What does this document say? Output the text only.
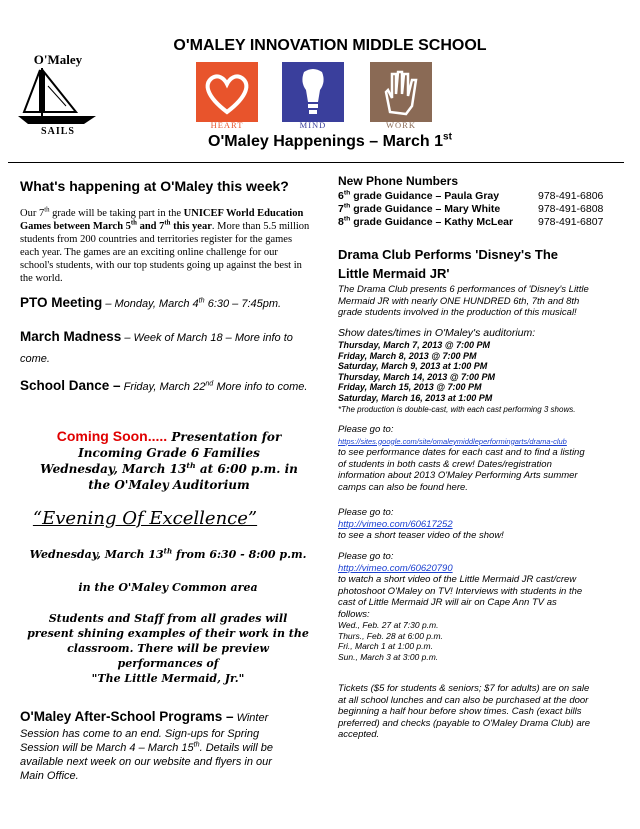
O'Maley
SAILS
O'MALEY INNOVATION MIDDLE SCHOOL
HEART	MIND	WORK
O'Maley Happenings – March 1st
What's happening at O'Maley this week?
Our 7th grade will be taking part in the UNICEF World Education Games between March 5th and 7th this year. More than 5.5 million students from 200 countries and territories register for the games each year. The games are an exciting online challenge for our school's students, with our top students going up against the best in the world.
PTO Meeting – Monday, March 4th 6:30 – 7:45pm.
March Madness – Week of March 18 – More info to come.
School Dance – Friday, March 22nd More info to come.
Coming Soon..... Presentation for
Incoming Grade 6 Families
Wednesday, March 13th at 6:00 p.m. in
the O'Maley Auditorium
“Evening Of Excellence”
Wednesday, March 13th from 6:30 - 8:00 p.m.
in the O'Maley Common area
Students and Staff from all grades will
present shining examples of their work in the
classroom. There will be preview
performances of
"The Little Mermaid, Jr."
O'Maley After-School Programs – Winter
Session has come to an end. Sign-ups for Spring
Session will be March 4 – March 15th. Details will be
available next week on our website and flyers in our
Main Office.
New Phone Numbers
6th grade Guidance – Paula Gray	978-491-6806
7th grade Guidance – Mary White	978-491-6808
8th grade Guidance – Kathy McLear 978-491-6807
Drama Club Performs 'Disney's The
Little Mermaid JR'
The Drama Club presents 6 performances of 'Disney's Little
Mermaid JR with nearly ONE HUNDRED 6th, 7th and 8th
grade students involved in the production of this musical!
Show dates/times in O'Maley's auditorium:
Thursday, March 7, 2013 @ 7:00 PM
Friday, March 8, 2013 @ 7:00 PM
Saturday, March 9, 2013 at 1:00 PM
Thursday, March 14, 2013 @ 7:00 PM
Friday, March 15, 2013 @ 7:00 PM
Saturday, March 16, 2013 at 1:00 PM
*The production is double-cast, with each cast performing 3 shows.
Please go to:
https://sites.google.com/site/omaleymiddleperformingarts/drama-club
to see performance dates for each cast and to find a listing
of students in both casts & crew! Dates/registration
information about 2013 O'Maley Performing Arts summer
camps can also be found here.
Please go to:
http://vimeo.com/60617252
to see a short teaser video of the show!
Please go to:
http://vimeo.com/60620790
to watch a short video of the Little Mermaid JR cast/crew
photoshoot O'Maley on TV! Interviews with students in the
cast of Little Mermaid JR will air on Cape Ann TV as
follows:
Wed., Feb. 27 at 7:30 p.m.
Thurs., Feb. 28 at 6:00 p.m.
Fri., March 1 at 1:00 p.m.
Sun., March 3 at 3:00 p.m.
Tickets ($5 for students & seniors; $7 for adults) are on sale
at all school lunches and can also be purchased at the door
beginning a half hour before show times. Cash (exact bills
preferred) and checks (payable to O'Maley Drama Club) are
accepted.
